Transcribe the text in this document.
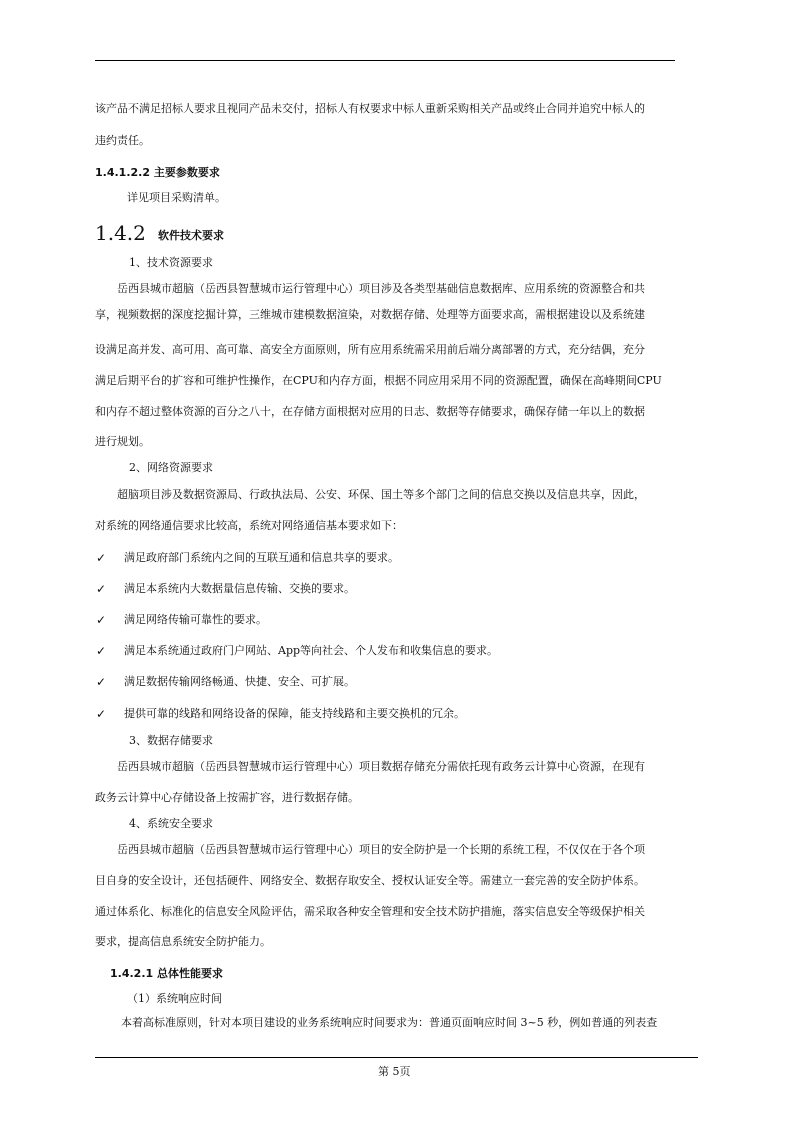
该产品不满足招标人要求且视同产品未交付，招标人有权要求中标人重新采购相关产品或终止合同并追究中标人的
违约责任。
1.4.1.2.2 主要参数要求
详见项目采购清单。
1.4.2 软件技术要求
1、技术资源要求
岳西县城市超脑（岳西县智慧城市运行管理中心）项目涉及各类型基础信息数据库、应用系统的资源整合和共
享，视频数据的深度挖掘计算，三维城市建模数据渲染，对数据存储、处理等方面要求高，需根据建设以及系统建
设满足高并发、高可用、高可靠、高安全方面原则，所有应用系统需采用前后端分离部署的方式，充分结偶，充分
满足后期平台的扩容和可维护性操作，在CPU和内存方面，根据不同应用采用不同的资源配置，确保在高峰期间CPU
和内存不超过整体资源的百分之八十，在存储方面根据对应用的日志、数据等存储要求，确保存储一年以上的数据
进行规划。
2、网络资源要求
超脑项目涉及数据资源局、行政执法局、公安、环保、国土等多个部门之间的信息交换以及信息共享，因此，
对系统的网络通信要求比较高，系统对网络通信基本要求如下：
✓ 满足政府部门系统内之间的互联互通和信息共享的要求。
✓ 满足本系统内大数据量信息传输、交换的要求。
✓ 满足网络传输可靠性的要求。
✓ 满足本系统通过政府门户网站、App等向社会、个人发布和收集信息的要求。
✓ 满足数据传输网络畅通、快捷、安全、可扩展。
✓ 提供可靠的线路和网络设备的保障，能支持线路和主要交换机的冗余。
3、数据存储要求
岳西县城市超脑（岳西县智慧城市运行管理中心）项目数据存储充分需依托现有政务云计算中心资源，在现有
政务云计算中心存储设备上按需扩容，进行数据存储。
4、系统安全要求
岳西县城市超脑（岳西县智慧城市运行管理中心）项目的安全防护是一个长期的系统工程，不仅仅在于各个项
目自身的安全设计，还包括硬件、网络安全、数据存取安全、授权认证安全等。需建立一套完善的安全防护体系。
通过体系化、标准化的信息安全风险评估，需采取各种安全管理和安全技术防护措施，落实信息安全等级保护相关
要求，提高信息系统安全防护能力。
1.4.2.1 总体性能要求
（1）系统响应时间
本着高标准原则，针对本项目建设的业务系统响应时间要求为：普通页面响应时间 3~5 秒，例如普通的列表查
第 5页
